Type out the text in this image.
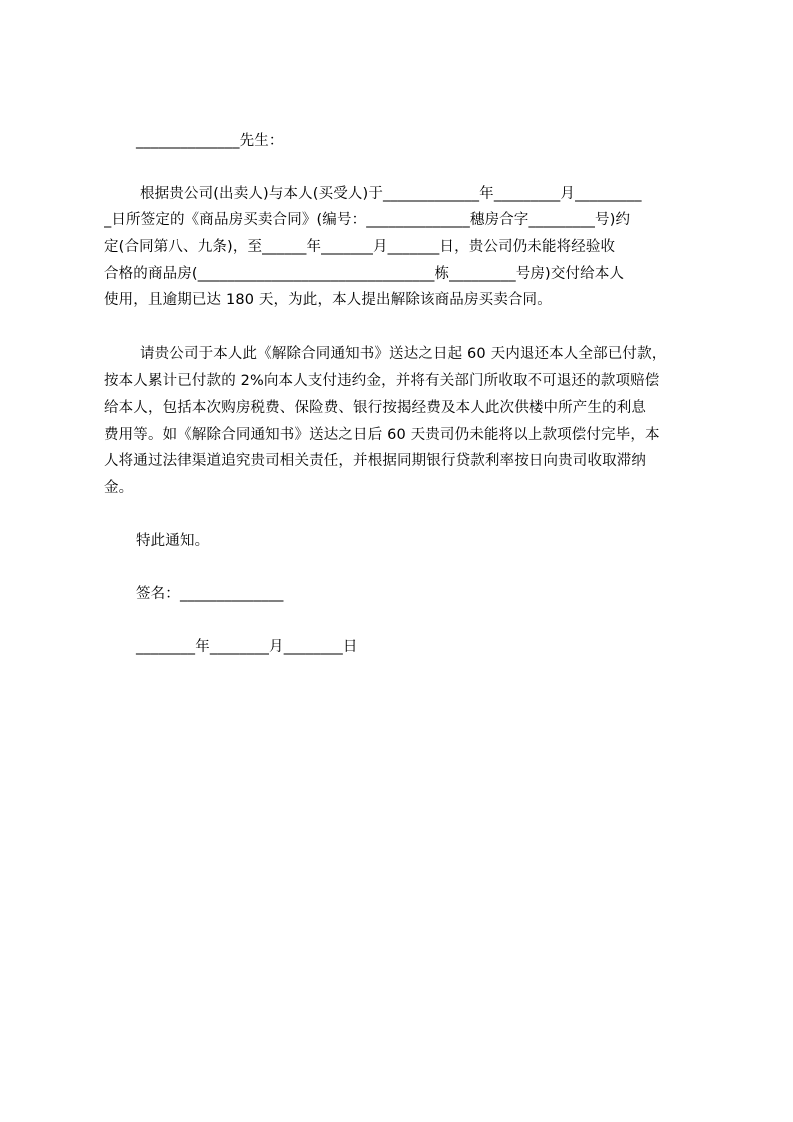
______________先生：
根据贵公司(出卖人)与本人(买受人)于_____________年_________月_________
_日所签定的《商品房买卖合同》(编号：______________穗房合字_________号)约
定(合同第八、九条)，至______年_______月_______日，贵公司仍未能将经验收
合格的商品房(________________________________栋_________号房)交付给本人
使用，且逾期已达 180 天，为此，本人提出解除该商品房买卖合同。
请贵公司于本人此《解除合同通知书》送达之日起 60 天内退还本人全部已付款，
按本人累计已付款的 2%向本人支付违约金，并将有关部门所收取不可退还的款项赔偿
给本人，包括本次购房税费、保险费、银行按揭经费及本人此次供楼中所产生的利息
费用等。如《解除合同通知书》送达之日后 60 天贵司仍未能将以上款项偿付完毕，本
人将通过法律渠道追究贵司相关责任，并根据同期银行贷款利率按日向贵司收取滞纳
金。
特此通知。
签名：______________
________年________月________日
